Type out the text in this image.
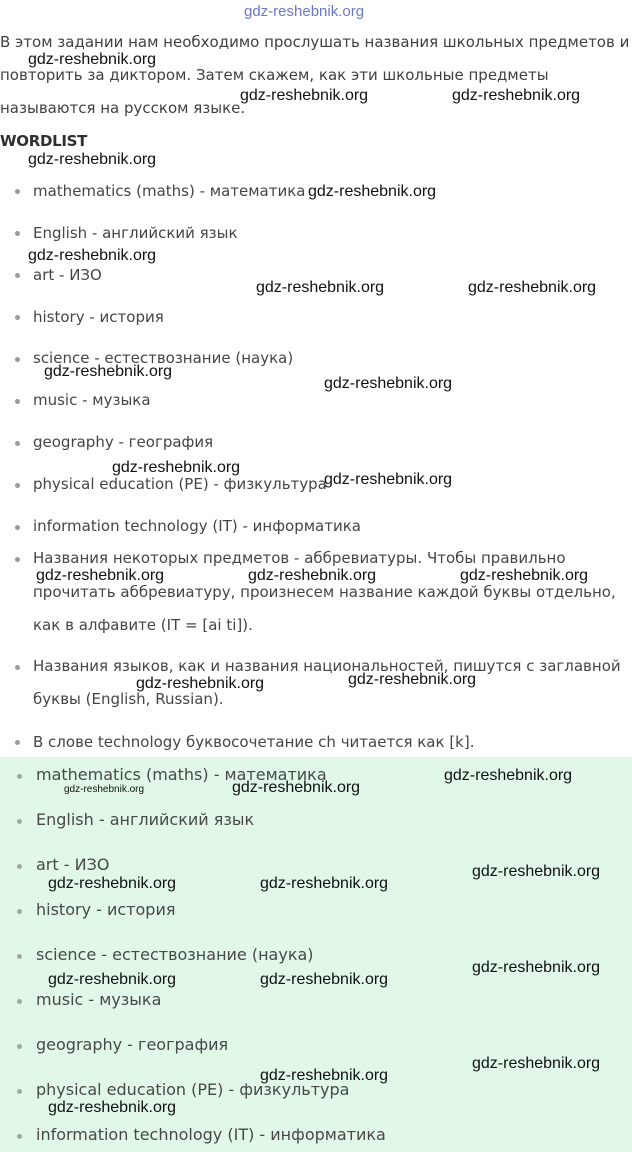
gdz-reshebnik.org
В этом задании нам необходимо прослушать названия школьных предметов и
повторить за диктором. Затем скажем, как эти школьные предметы
называются на русском языке.
WORDLIST
mathematics (maths) - математика
English - английский язык
art - ИЗО
history - история
science - естествознание (наука)
music - музыка
geography - география
physical education (PE) - физкультура
information technology (IT) - информатика
Названия некоторых предметов - аббревиатуры. Чтобы правильно
прочитать аббревиатуру, произнесем название каждой буквы отдельно,
как в алфавите (IT = [ai ti]).
Названия языков, как и названия национальностей, пишутся с заглавной
буквы (English, Russian).
В слове technology буквосочетание ch читается как [k].
mathematics (maths) - математика
English - английский язык
art - ИЗО
history - история
science - естествознание (наука)
music - музыка
geography - география
physical education (PE) - физкультура
information technology (IT) - информатика
gdz-reshebnik.org
gdz-reshebnik.org	gdz-reshebnik.org
gdz-reshebnik.org
gdz-reshebnik.org
gdz-reshebnik.org
gdz-reshebnik.org	gdz-reshebnik.org
gdz-reshebnik.org
gdz-reshebnik.org
gdz-reshebnik.org
gdz-reshebnik.org
gdz-reshebnik.org	gdz-reshebnik.org	gdz-reshebnik.org
gdz-reshebnik.org	gdz-reshebnik.org
gdz-reshebnik.org
gdz-reshebnik.org	gdz-reshebnik.org
gdz-reshebnik.org
gdz-reshebnik.org	gdz-reshebnik.org
gdz-reshebnik.org
gdz-reshebnik.org	gdz-reshebnik.org
gdz-reshebnik.org
gdz-reshebnik.org
gdz-reshebnik.org
